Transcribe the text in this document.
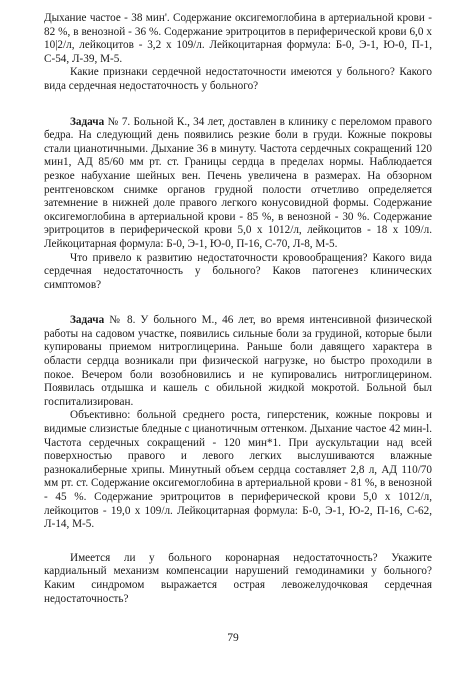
Дыхание частое - 38 мин'. Содержание оксигемоглобина в артериальной крови - 82 %, в венозной - 36 %. Содержание эритроцитов в периферической крови 6,0 х 10|2/л, лейкоцитов - 3,2 х 109/л. Лейкоцитарная формула: Б-0, Э-1, Ю-0, П-1, С-54, Л-39, М-5.

Какие признаки сердечной недостаточности имеются у больного? Какого вида сердечная недостаточность у больного?

Задача № 7. Больной К., 34 лет, доставлен в клинику с переломом правого бедра. На следующий день появились резкие боли в груди. Кожные покровы стали цианотичными. Дыхание 36 в минуту. Частота сердечных сокращений 120 мин1, АД 85/60 мм рт. ст. Границы сердца в пределах нормы. Наблюдается резкое набухание шейных вен. Печень увеличена в размерах. На обзорном рентгеновском снимке органов грудной полости отчетливо определяется затемнение в нижней доле правого легкого конусовидной формы. Содержание оксигемоглобина в артериальной крови - 85 %, в венозной - 30 %. Содержание эритроцитов в периферической крови 5,0 х 1012/л, лейкоцитов - 18 х 109/л. Лейкоцитарная формула: Б-0, Э-1, Ю-0, П-16, С-70, Л-8, М-5.

Что привело к развитию недостаточности кровообращения? Какого вида сердечная недостаточность у больного? Каков патогенез клинических симптомов?

Задача № 8. У больного М., 46 лет, во время интенсивной физической работы на садовом участке, появились сильные боли за грудиной, которые были купированы приемом нитроглицерина. Раньше боли давящего характера в области сердца возникали при физической нагрузке, но быстро проходили в покое. Вечером боли возобновились и не купировались нитроглицерином. Появилась отдышка и кашель с обильной жидкой мокротой. Больной был госпитализирован.

Объективно: больной среднего роста, гиперстеник, кожные покровы и видимые слизистые бледные с цианотичным оттенком. Дыхание частое 42 мин-l. Частота сердечных сокращений - 120 мин*1. При аускультации над всей поверхностью правого и левого легких выслушиваются влажные разнокалиберные хрипы. Минутный объем сердца составляет 2,8 л, АД 110/70 мм рт. ст. Содержание оксигемоглобина в артериальной крови - 81 %, в венозной - 45 %. Содержание эритроцитов в периферической крови 5,0 х 1012/л, лейкоцитов - 19,0 х 109/л. Лейкоцитарная формула: Б-0, Э-1, Ю-2, П-16, С-62, Л-14, М-5.

Имеется ли у больного коронарная недостаточность? Укажите кардиальный механизм компенсации нарушений гемодинамики у больного? Каким синдромом выражается острая левожелудочковая сердечная недостаточность?

79
